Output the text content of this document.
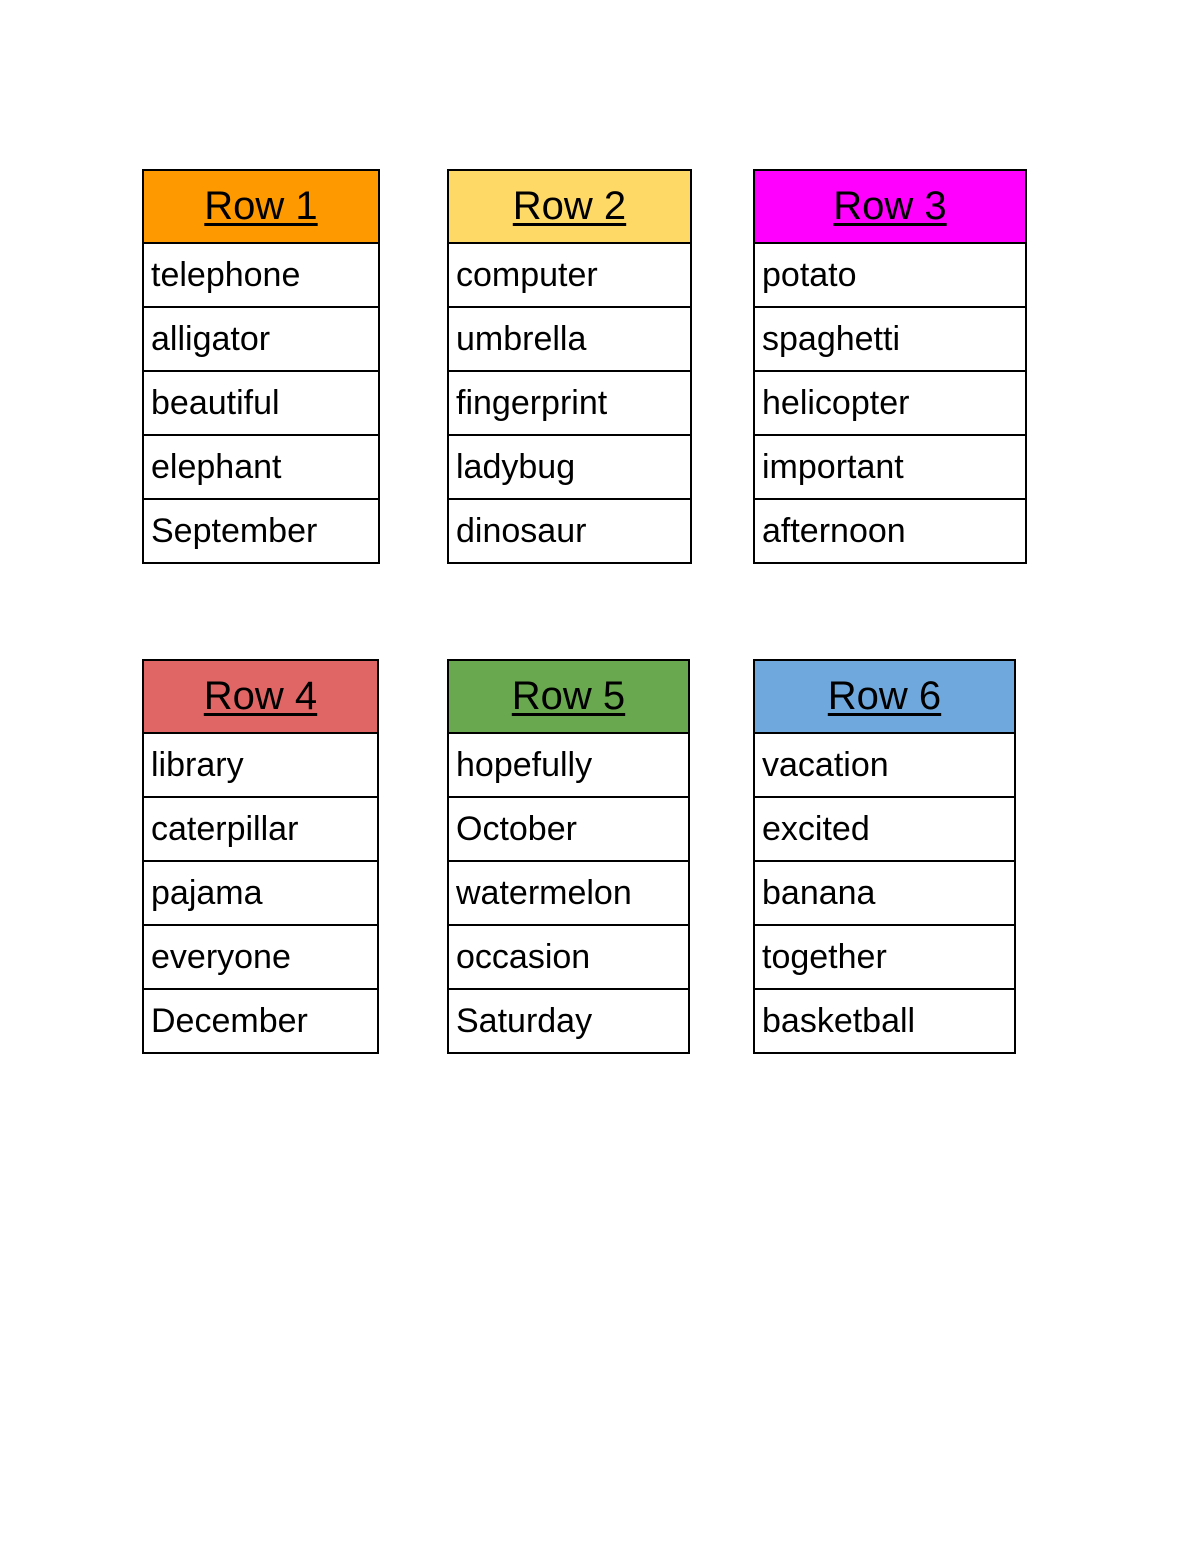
Row 1
telephone
alligator
beautiful
elephant
September
Row 2
computer
umbrella
fingerprint
ladybug
dinosaur
Row 3
potato
spaghetti
helicopter
important
afternoon
Row 4
library
caterpillar
pajama
everyone
December
Row 5
hopefully
October
watermelon
occasion
Saturday
Row 6
vacation
excited
banana
together
basketball
